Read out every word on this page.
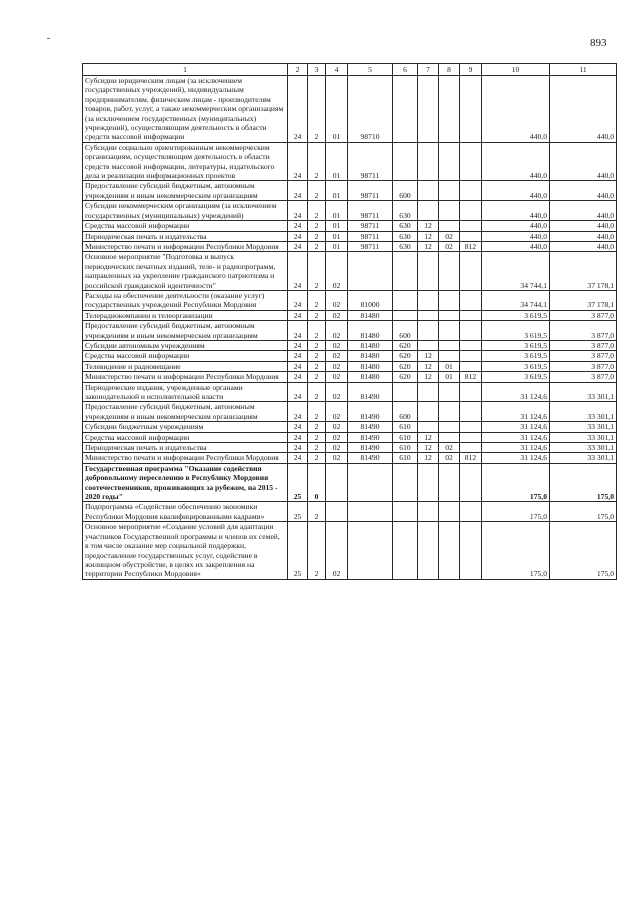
893
1	2	3	4	5	6	7	8	9	10	11
Субсидии юридическим лицам (за исключением государственных учреждений), индивидуальным предпринимателям, физическим лицам - производителям товаров, работ, услуг, а также некоммерческим организациям (за исключением государственных (муниципальных) учреждений), осуществляющим деятельность в области средств массовой информации	24	2	01	98710					440,0	440,0
Субсидии социально ориентированным некоммерческим организациям, осуществляющим деятельность в области средств массовой информации, литературы, издательского дела и реализации информационных проектов	24	2	01	98711					440,0	440,0
Предоставление субсидий бюджетным, автономным учреждениям и иным некоммерческим организациям	24	2	01	98711	600				440,0	440,0
Субсидии некоммерческим организациям (за исключением государственных (муниципальных) учреждений)	24	2	01	98711	630				440,0	440,0
Средства массовой информации	24	2	01	98711	630	12			440,0	440,0
Периодическая печать и издательства	24	2	01	98711	630	12	02		440,0	440,0
Министерство печати и информации Республики Мордовия	24	2	01	98711	630	12	02	812	440,0	440,0
Основное мероприятие "Подготовка и выпуск периодических печатных изданий, теле- и радиопрограмм, направленных на укрепление гражданского патриотизма и российской гражданской идентичности"	24	2	02						34 744,1	37 178,1
Расходы на обеспечение деятельности (оказание услуг) государственных учреждений Республики Мордовия	24	2	02	81000					34 744,1	37 178,1
Телерадиокомпании и телеорганизации	24	2	02	81480					3 619,5	3 877,0
Предоставление субсидий бюджетным, автономным учреждениям и иным некоммерческим организациям	24	2	02	81480	600				3 619,5	3 877,0
Субсидии автономным учреждениям	24	2	02	81480	620				3 619,5	3 877,0
Средства массовой информации	24	2	02	81480	620	12			3 619,5	3 877,0
Телевидение и радиовещание	24	2	02	81480	620	12	01		3 619,5	3 877,0
Министерство печати и информации Республики Мордовия	24	2	02	81480	620	12	01	812	3 619,5	3 877,0
Периодические издания, учрежденные органами законодательной и исполнительной власти	24	2	02	81490					31 124,6	33 301,1
Предоставление субсидий бюджетным, автономным учреждениям и иным некоммерческим организациям	24	2	02	81490	600				31 124,6	33 301,1
Субсидии бюджетным учреждениям	24	2	02	81490	610				31 124,6	33 301,1
Средства массовой информации	24	2	02	81490	610	12			31 124,6	33 301,1
Периодическая печать и издательства	24	2	02	81490	610	12	02		31 124,6	33 301,1
Министерство печати и информации Республики Мордовия	24	2	02	81490	610	12	02	812	31 124,6	33 301,1
Государственная программа "Оказание содействия добровольному переселению в Республику Мордовия соотечественников, проживающих за рубежом, на 2015 - 2020 годы"	25	0							175,0	175,0
Подпрограмма «Содействие обеспечению экономики Республики Мордовия квалифицированными кадрами»	25	2							175,0	175,0
Основное мероприятие «Создание условий для адаптации участников Государственной программы и членов их семей, в том числе оказание мер социальной поддержки, предоставление государственных услуг, содействие в жилищном обустройстве, в целях их закрепления на территории Республики Мордовия»	25	2	02						175,0	175,0
